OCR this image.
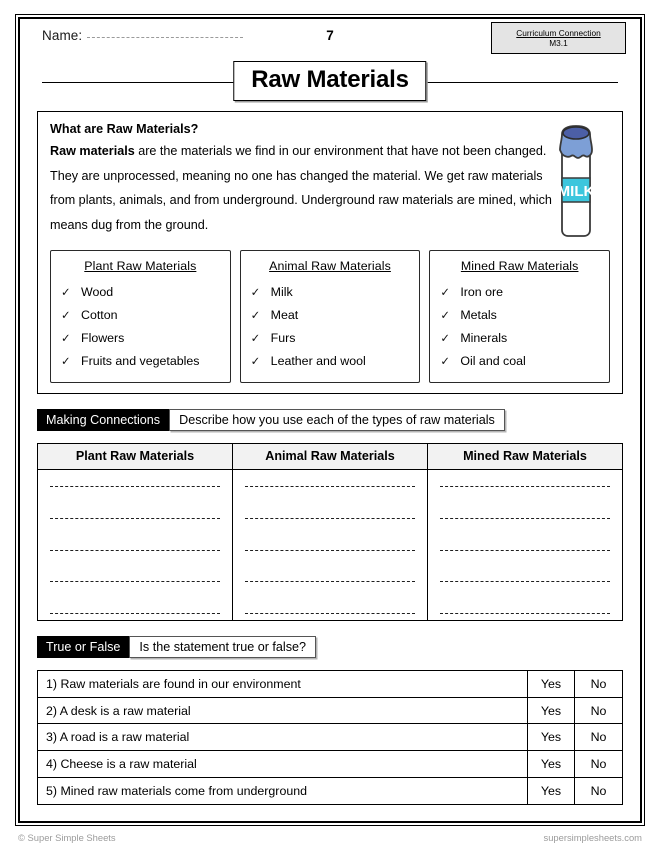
Name:	7	Curriculum Connection
M3.1
Raw Materials
What are Raw Materials?

Raw materials are the materials we find in our environment that have not been changed. They are unprocessed, meaning no one has changed the material. We get raw materials from plants, animals, and from underground. Underground raw materials are mined, which means dug from the ground.

MILK
Plant Raw Materials
✓ Wood
✓ Cotton
✓ Flowers
✓ Fruits and vegetables
Animal Raw Materials
✓ Milk
✓ Meat
✓ Furs
✓ Leather and wool
Mined Raw Materials
✓ Iron ore
✓ Metals
✓ Minerals
✓ Oil and coal
Making Connections	Describe how you use each of the types of raw materials
Plant Raw Materials	Animal Raw Materials	Mined Raw Materials
True or False	Is the statement true or false?
1) Raw materials are found in our environment	Yes	No
2) A desk is a raw material	Yes	No
3) A road is a raw material	Yes	No
4) Cheese is a raw material	Yes	No
5) Mined raw materials come from underground	Yes	No
© Super Simple Sheets	supersimplesheets.com
